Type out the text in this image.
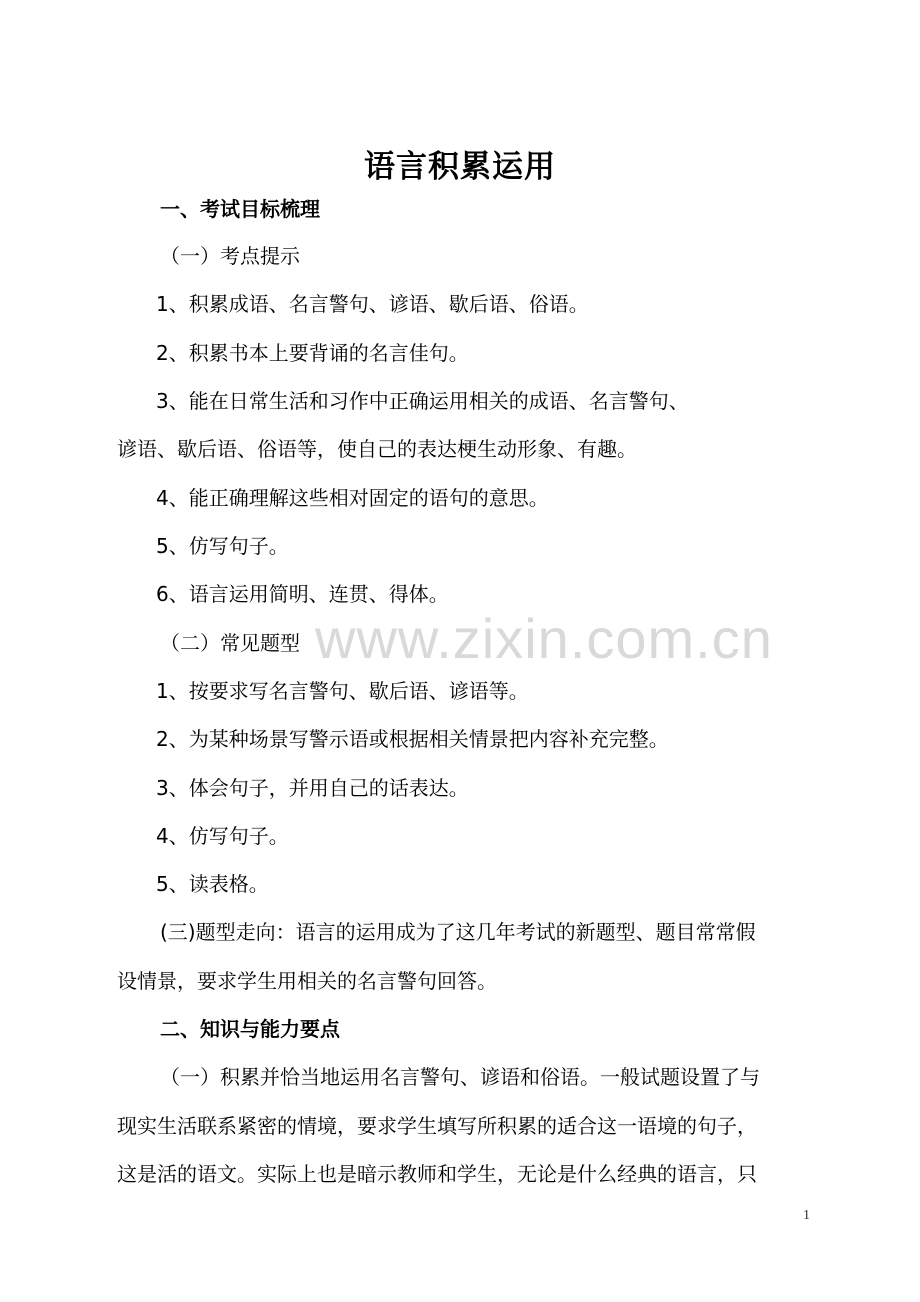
语言积累运用
一、考试目标梳理
（一）考点提示
1、积累成语、名言警句、谚语、歇后语、俗语。
2、积累书本上要背诵的名言佳句。
3、能在日常生活和习作中正确运用相关的成语、名言警句、
谚语、歇后语、俗语等，使自己的表达梗生动形象、有趣。
4、能正确理解这些相对固定的语句的意思。
5、仿写句子。
6、语言运用简明、连贯、得体。
（二）常见题型
1、按要求写名言警句、歇后语、谚语等。
2、为某种场景写警示语或根据相关情景把内容补充完整。
3、体会句子，并用自己的话表达。
4、仿写句子。
5、读表格。
(三)题型走向：语言的运用成为了这几年考试的新题型、题目常常假
设情景，要求学生用相关的名言警句回答。
二、知识与能力要点
（一）积累并恰当地运用名言警句、谚语和俗语。一般试题设置了与
现实生活联系紧密的情境，要求学生填写所积累的适合这一语境的句子，
这是活的语文。实际上也是暗示教师和学生，无论是什么经典的语言，只
www.zixin.com.cn
1
